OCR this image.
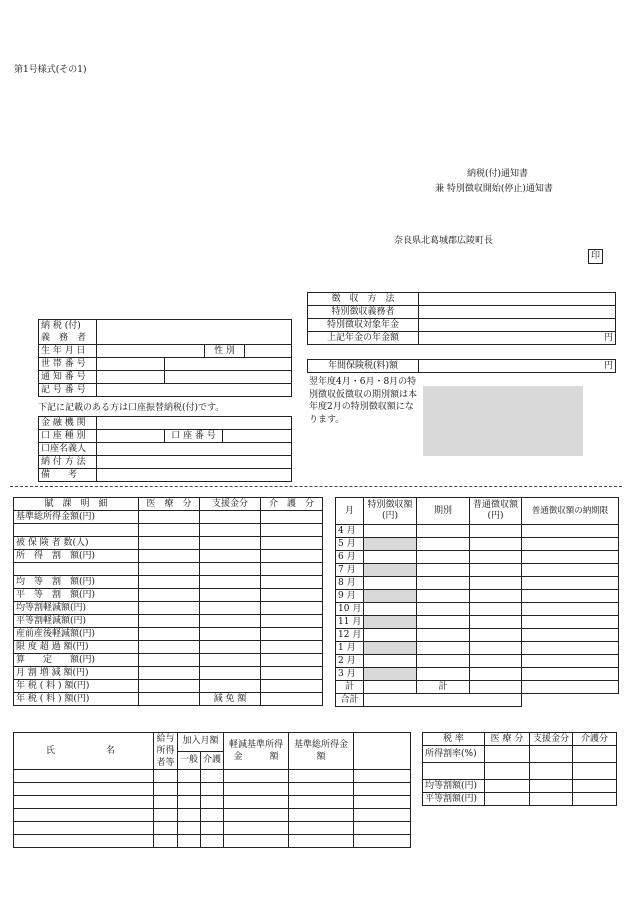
第1号様式(その1)
納税(付)通知書
兼 特別徴収開始(停止)通知書
奈良県北葛城郡広陵町長
印
徴　収　方　法	
特別徴収義務者	
特別徴収対象年金	
上記年金の年金額	円
年間保険税(料)額	円
翌年度4月・6月・8月の特別徴収仮徴収の期別額は本年度2月の特別徴収額になります。
納 税 (付)
義　務　者				
生 年 月 日			性 別	
世 帯 番 号				
通 知 番 号				
記 号 番 号				
下記に記載のある方は口座振替納税(付)です。
金 融 機 関			
口 座 種 別		口 座 番 号	
口座名義人			
納 付 方 法			
備　　考			
賦　課　明　細	医　療　分	支援金分	介　護　分
基準総所得金額(円)			

被 保 険 者 数(人)			
所　得　割　額(円)			

均　等　割　額(円)			
平　等　割　額(円)			
均等割軽減額(円)			
平等割軽減額(円)			
産前産後軽減額(円)			
限 度 超 過 額(円)			
算　　定　　額(円)			
月 割 増 減 額(円)			
年 税 ( 料 ) 額(円)			
年 税 ( 料 ) 額(円)		減 免 額	
月	特別徴収額(円)	期別	普通徴収額(円)	普通徴収額の納期限
4 月				
5 月				
6 月				
7 月				
8 月				
9 月				
10 月				
11 月				
12 月				
1 月				
2 月				
3 月				
計		計		
合計				
氏　　　名	給与所得者等	加入月額		軽減基準所得金　　　額	基準総所得金　　　額	
		一般	介護			

税 率	医 療 分	支援金分	介護分
所得割率(%)			

均等割額(円)			
平等割額(円)			
